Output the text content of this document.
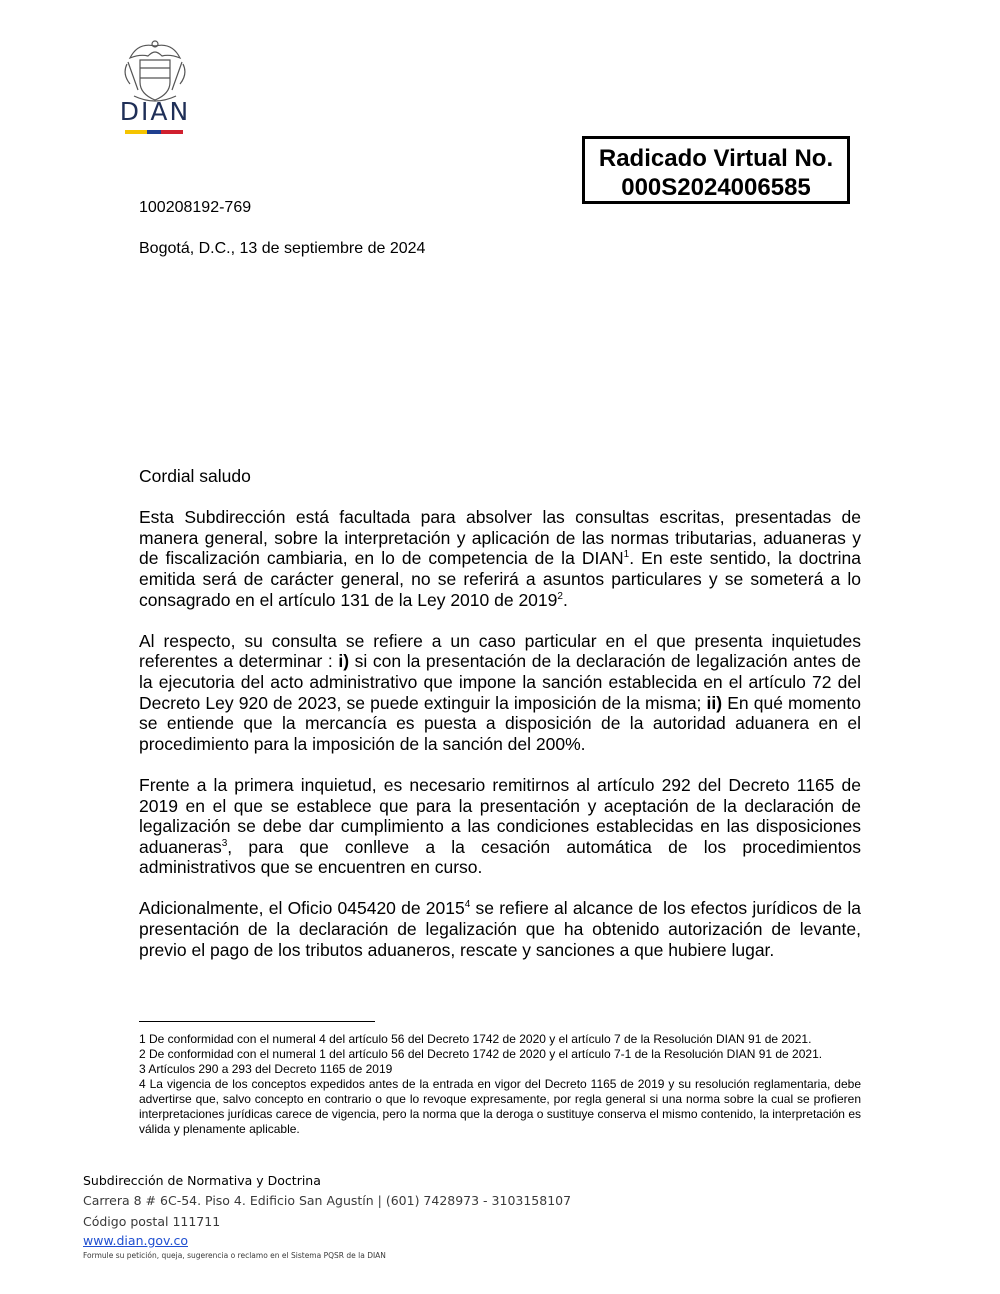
DIAN
Radicado Virtual No.
000S2024006585
100208192-769
Bogotá, D.C., 13 de septiembre de 2024

Cordial saludo

Esta Subdirección está facultada para absolver las consultas escritas, presentadas de manera general, sobre la interpretación y aplicación de las normas tributarias, aduaneras y de fiscalización cambiaria, en lo de competencia de la DIAN$^1$. En este sentido, la doctrina emitida será de carácter general, no se referirá a asuntos particulares y se someterá a lo consagrado en el artículo 131 de la Ley 2010 de 2019$^2$.

Al respecto, su consulta se refiere a un caso particular en el que presenta inquietudes referentes a determinar : i) si con la presentación de la declaración de legalización antes de la ejecutoria del acto administrativo que impone la sanción establecida en el artículo 72 del Decreto Ley 920 de 2023, se puede extinguir la imposición de la misma; ii) En qué momento se entiende que la mercancía es puesta a disposición de la autoridad aduanera en el procedimiento para la imposición de la sanción del 200%.

Frente a la primera inquietud, es necesario remitirnos al artículo 292 del Decreto 1165 de 2019 en el que se establece que para la presentación y aceptación de la declaración de legalización se debe dar cumplimiento a las condiciones establecidas en las disposiciones aduaneras$^3$, para que conlleve a la cesación automática de los procedimientos administrativos que se encuentren en curso.

Adicionalmente, el Oficio 045420 de 2015$^4$ se refiere al alcance de los efectos jurídicos de la presentación de la declaración de legalización que ha obtenido autorización de levante, previo el pago de los tributos aduaneros, rescate y sanciones a que hubiere lugar.

1 De conformidad con el numeral 4 del artículo 56 del Decreto 1742 de 2020 y el artículo 7 de la Resolución DIAN 91 de 2021.

2 De conformidad con el numeral 1 del artículo 56 del Decreto 1742 de 2020 y el artículo 7-1 de la Resolución DIAN 91 de 2021.

3 Artículos 290 a 293 del Decreto 1165 de 2019

4 La vigencia de los conceptos expedidos antes de la entrada en vigor del Decreto 1165 de 2019 y su resolución reglamentaria, debe advertirse que, salvo concepto en contrario o que lo revoque expresamente, por regla general si una norma sobre la cual se profieren interpretaciones jurídicas carece de vigencia, pero la norma que la deroga o sustituye conserva el mismo contenido, la interpretación es válida y plenamente aplicable.

Subdirección de Normativa y Doctrina
Carrera 8 # 6C-54. Piso 4. Edificio San Agustín | (601) 7428973 - 3103158107
Código postal 111711
www.dian.gov.co
Formule su petición, queja, sugerencia o reclamo en el Sistema PQSR de la DIAN
